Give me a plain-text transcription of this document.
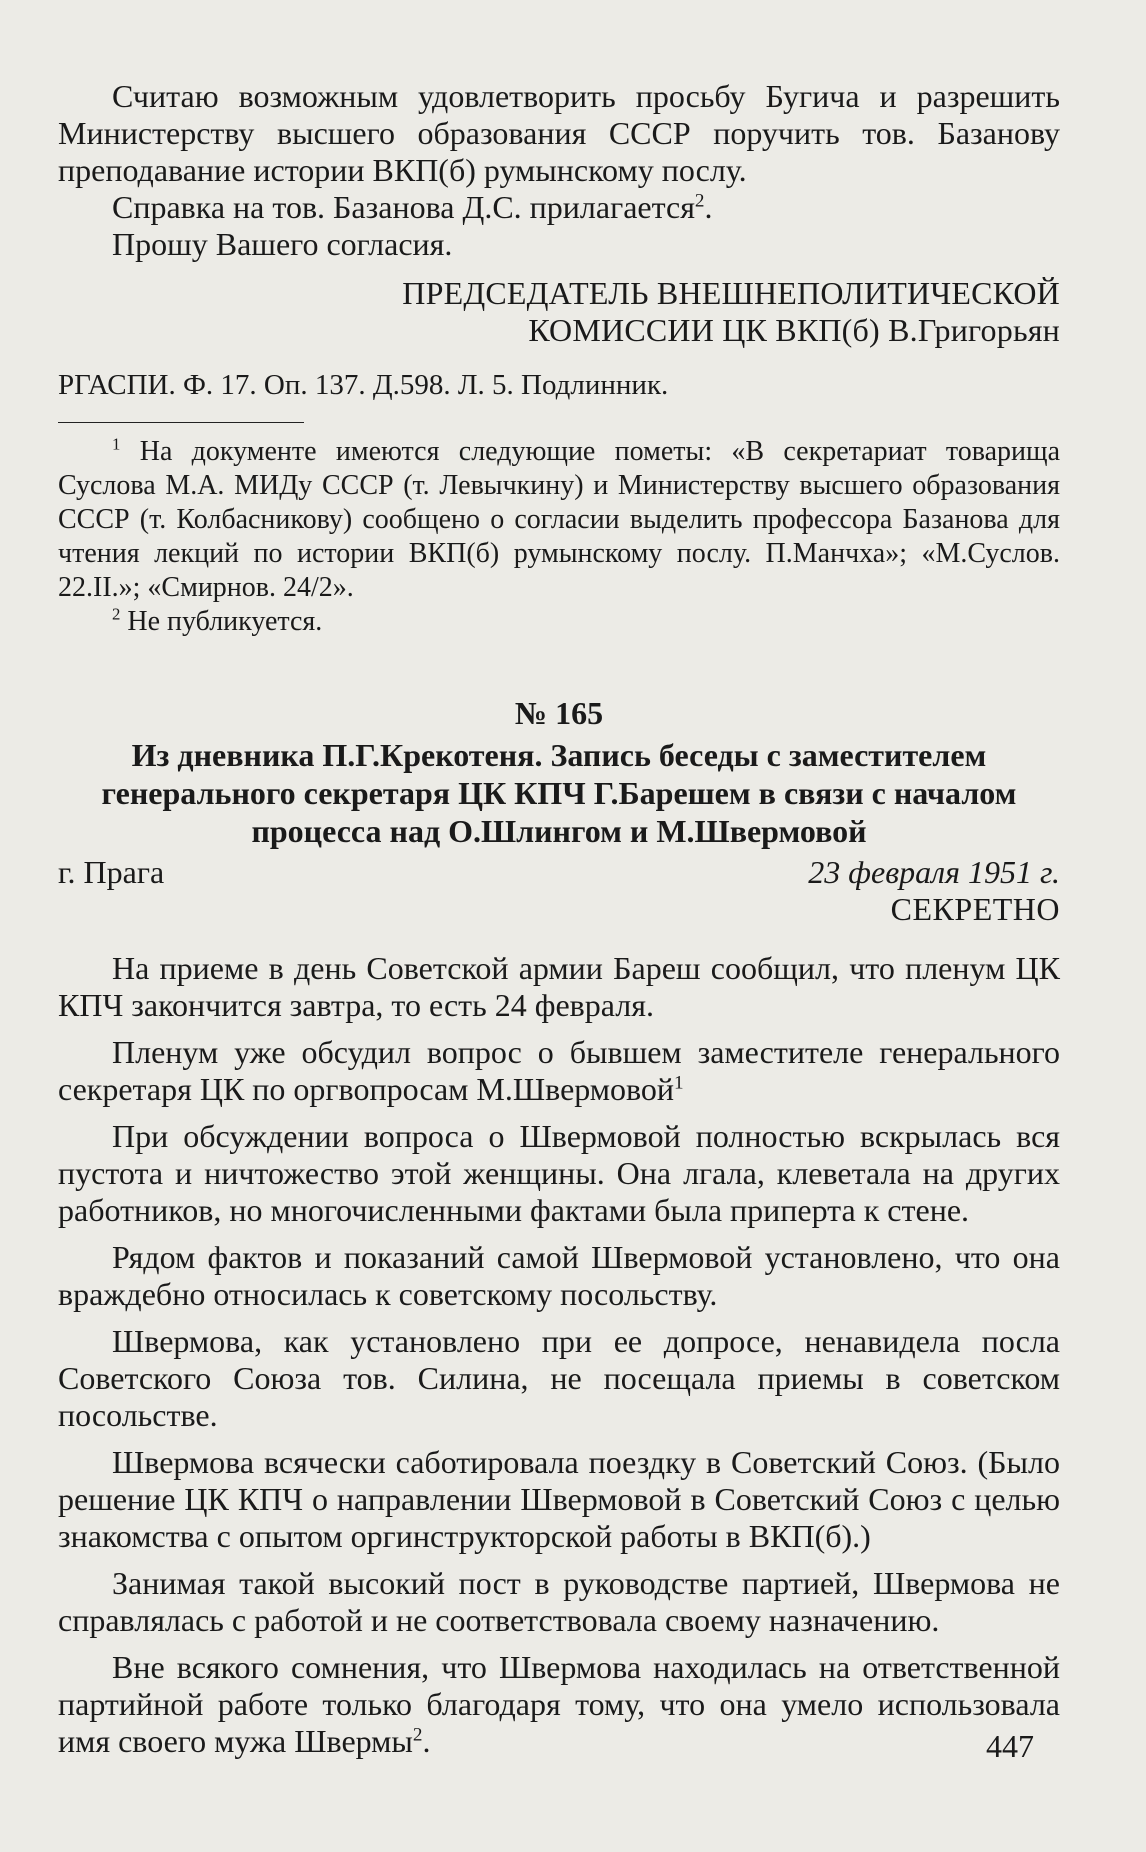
Считаю возможным удовлетворить просьбу Бугича и разрешить Министерству высшего образования СССР поручить тов. Базанову преподавание истории ВКП(б) румынскому послу.

Справка на тов. Базанова Д.С. прилагается$^2$.

Прошу Вашего согласия.

ПРЕДСЕДАТЕЛЬ ВНЕШНЕПОЛИТИЧЕСКОЙ
КОМИССИИ ЦК ВКП(б) В.Григорьян

РГАСПИ. Ф. 17. Оп. 137. Д.598. Л. 5. Подлинник.

$^1$ На документе имеются следующие пометы: «В секретариат товарища Суслова М.А. МИДу СССР (т. Левычкину) и Министерству высшего образования СССР (т. Колбасникову) сообщено о согласии выделить профессора Базанова для чтения лекций по истории ВКП(б) румынскому послу. П.Манчха»; «М.Суслов. 22.II.»; «Смирнов. 24/2».

$^2$ Не публикуется.

№ 165
Из дневника П.Г.Крекотеня. Запись беседы с заместителем генерального секретаря ЦК КПЧ Г.Барешем в связи с началом процесса над О.Шлингом и М.Швермовой
г. Прага	23 февраля 1951 г.
СЕКРЕТНО

На приеме в день Советской армии Бареш сообщил, что пленум ЦК КПЧ закончится завтра, то есть 24 февраля.

Пленум уже обсудил вопрос о бывшем заместителе генерального секретаря ЦК по оргвопросам М.Швермовой$^1$

При обсуждении вопроса о Швермовой полностью вскрылась вся пустота и ничтожество этой женщины. Она лгала, клеветала на других работников, но многочисленными фактами была приперта к стене.

Рядом фактов и показаний самой Швермовой установлено, что она враждебно относилась к советскому посольству.

Швермова, как установлено при ее допросе, ненавидела посла Советского Союза тов. Силина, не посещала приемы в советском посольстве.

Швермова всячески саботировала поездку в Советский Союз. (Было решение ЦК КПЧ о направлении Швермовой в Советский Союз с целью знакомства с опытом оргинструкторской работы в ВКП(б).)

Занимая такой высокий пост в руководстве партией, Швермова не справлялась с работой и не соответствовала своему назначению.

Вне всякого сомнения, что Швермова находилась на ответственной партийной работе только благодаря тому, что она умело использовала имя своего мужа Швермы$^2$.	447
